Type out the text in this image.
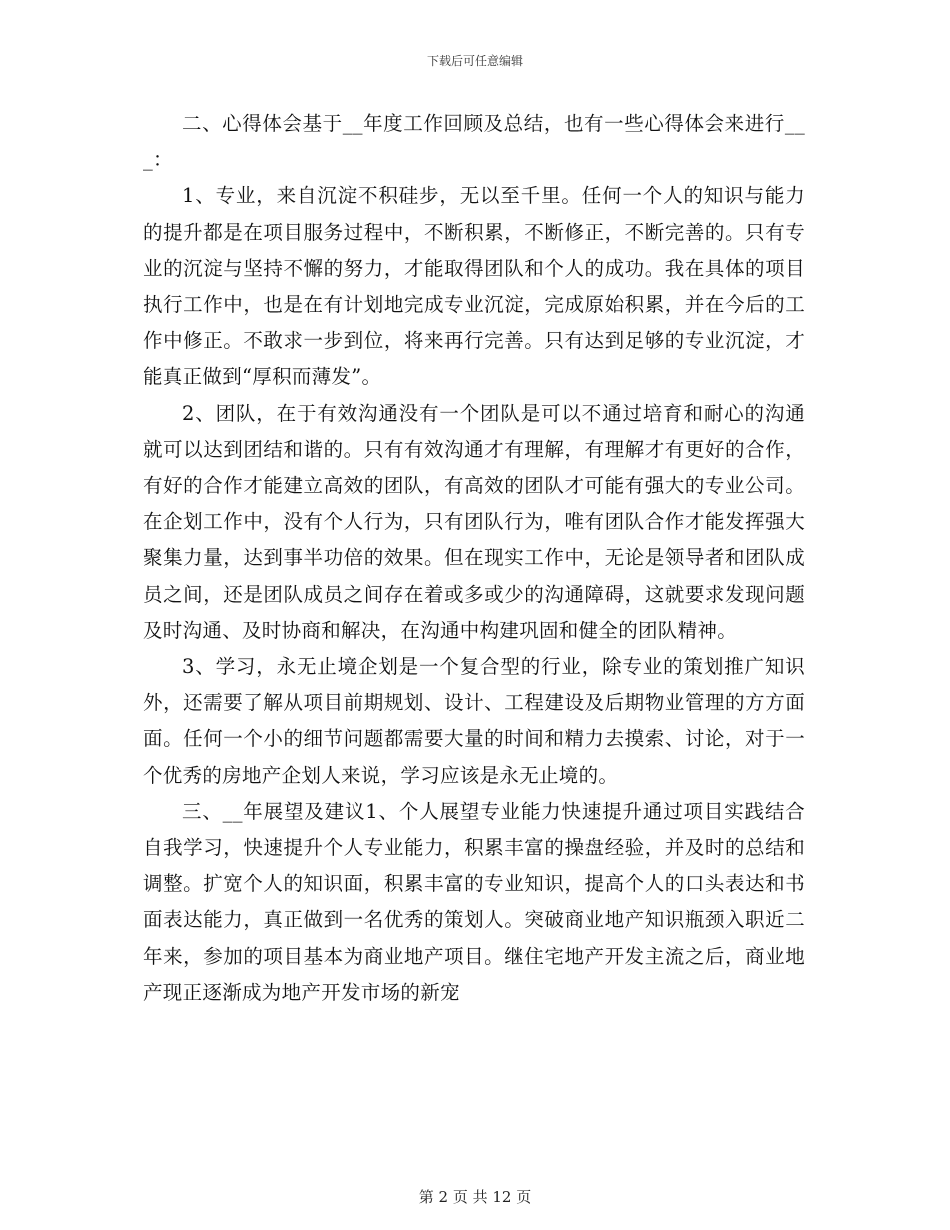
下载后可任意编辑

二、心得体会基于__年度工作回顾及总结，也有一些心得体会来进行___：

1、专业，来自沉淀不积硅步，无以至千里。任何一个人的知识与能力的提升都是在项目服务过程中，不断积累，不断修正，不断完善的。只有专业的沉淀与坚持不懈的努力，才能取得团队和个人的成功。我在具体的项目执行工作中，也是在有计划地完成专业沉淀，完成原始积累，并在今后的工作中修正。不敢求一步到位，将来再行完善。只有达到足够的专业沉淀，才能真正做到“厚积而薄发”。

2、团队，在于有效沟通没有一个团队是可以不通过培育和耐心的沟通就可以达到团结和谐的。只有有效沟通才有理解，有理解才有更好的合作，有好的合作才能建立高效的团队，有高效的团队才可能有强大的专业公司。在企划工作中，没有个人行为，只有团队行为，唯有团队合作才能发挥强大聚集力量，达到事半功倍的效果。但在现实工作中，无论是领导者和团队成员之间，还是团队成员之间存在着或多或少的沟通障碍，这就要求发现问题及时沟通、及时协商和解决，在沟通中构建巩固和健全的团队精神。

3、学习，永无止境企划是一个复合型的行业，除专业的策划推广知识外，还需要了解从项目前期规划、设计、工程建设及后期物业管理的方方面面。任何一个小的细节问题都需要大量的时间和精力去摸索、讨论，对于一个优秀的房地产企划人来说，学习应该是永无止境的。

三、__年展望及建议1、个人展望专业能力快速提升通过项目实践结合自我学习，快速提升个人专业能力，积累丰富的操盘经验，并及时的总结和调整。扩宽个人的知识面，积累丰富的专业知识，提高个人的口头表达和书面表达能力，真正做到一名优秀的策划人。突破商业地产知识瓶颈入职近二年来，参加的项目基本为商业地产项目。继住宅地产开发主流之后，商业地产现正逐渐成为地产开发市场的新宠

第 2 页 共 12 页
